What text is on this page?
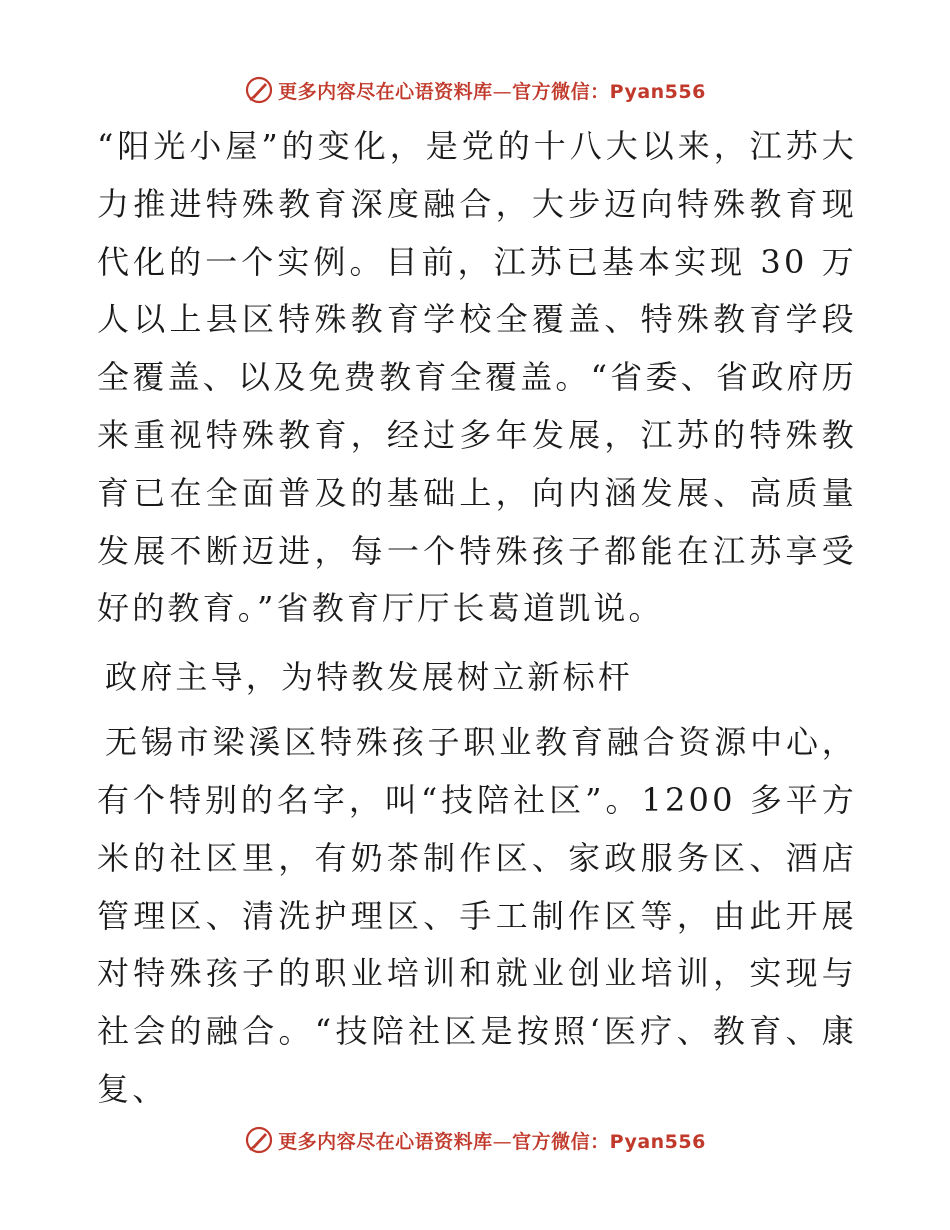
更多内容尽在心语资料库—官方微信：Pyan556

“阳光小屋”的变化，是党的十八大以来，江苏大力推进特殊教育深度融合，大步迈向特殊教育现代化的一个实例。目前，江苏已基本实现 30 万人以上县区特殊教育学校全覆盖、特殊教育学段全覆盖、以及免费教育全覆盖。“省委、省政府历来重视特殊教育，经过多年发展，江苏的特殊教育已在全面普及的基础上，向内涵发展、高质量发展不断迈进，每一个特殊孩子都能在江苏享受好的教育。”省教育厅厅长葛道凯说。

政府主导，为特教发展树立新标杆

无锡市梁溪区特殊孩子职业教育融合资源中心，有个特别的名字，叫“技陪社区”。1200 多平方米的社区里，有奶茶制作区、家政服务区、酒店管理区、清洗护理区、手工制作区等，由此开展对特殊孩子的职业培训和就业创业培训，实现与社会的融合。“技陪社区是按照‘医疗、教育、康复、

更多内容尽在心语资料库—官方微信：Pyan556
